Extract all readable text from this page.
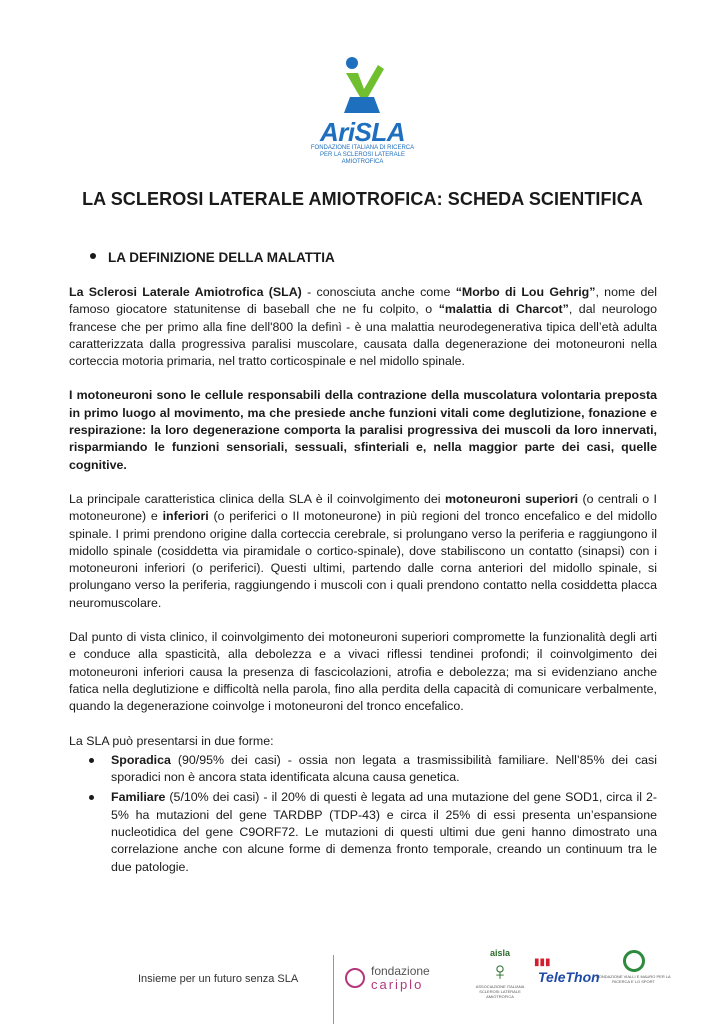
AriSLA
FONDAZIONE ITALIANA DI RICERCA
PER LA SCLEROSI LATERALE AMIOTROFICA
LA SCLEROSI LATERALE AMIOTROFICA: SCHEDA SCIENTIFICA
LA DEFINIZIONE DELLA MALATTIA

La Sclerosi Laterale Amiotrofica (SLA) - conosciuta anche come “Morbo di Lou Gehrig”, nome del famoso giocatore statunitense di baseball che ne fu colpito, o “malattia di Charcot”, dal neurologo francese che per primo alla fine dell'800 la definì - è una malattia neurodegenerativa tipica dell’età adulta caratterizzata dalla progressiva paralisi muscolare, causata dalla degenerazione dei motoneuroni nella corteccia motoria primaria, nel tratto corticospinale e nel midollo spinale.

I motoneuroni sono le cellule responsabili della contrazione della muscolatura volontaria preposta in primo luogo al movimento, ma che presiede anche funzioni vitali come deglutizione, fonazione e respirazione: la loro degenerazione comporta la paralisi progressiva dei muscoli da loro innervati, risparmiando le funzioni sensoriali, sessuali, sfinteriali e, nella maggior parte dei casi, quelle cognitive.

La principale caratteristica clinica della SLA è il coinvolgimento dei motoneuroni superiori (o centrali o I motoneurone) e inferiori (o periferici o II motoneurone) in più regioni del tronco encefalico e del midollo spinale. I primi prendono origine dalla corteccia cerebrale, si prolungano verso la periferia e raggiungono il midollo spinale (cosiddetta via piramidale o cortico-spinale), dove stabiliscono un contatto (sinapsi) con i motoneuroni inferiori (o periferici). Questi ultimi, partendo dalle corna anteriori del midollo spinale, si prolungano verso la periferia, raggiungendo i muscoli con i quali prendono contatto nella cosiddetta placca neuromuscolare.

Dal punto di vista clinico, il coinvolgimento dei motoneuroni superiori compromette la funzionalità degli arti e conduce alla spasticità, alla debolezza e a vivaci riflessi tendinei profondi; il coinvolgimento dei motoneuroni inferiori causa la presenza di fascicolazioni, atrofia e debolezza; ma si evidenziano anche fatica nella deglutizione e difficoltà nella parola, fino alla perdita della capacità di comunicare verbalmente, quando la degenerazione coinvolge i motoneuroni del tronco encefalico.

La SLA può presentarsi in due forme:

Sporadica (90/95% dei casi) - ossia non legata a trasmissibilità familiare. Nell’85% dei casi sporadici non è ancora stata identificata alcuna causa genetica.
Familiare (5/10% dei casi) - il 20% di questi è legata ad una mutazione del gene SOD1, circa il 2-5% ha mutazioni del gene TARDBP (TDP-43) e circa il 25% di essi presenta un’espansione nucleotidica del gene C9ORF72. Le mutazioni di questi ultimi due geni hanno dimostrato una correlazione anche con alcune forme di demenza fronto temporale, creando un continuum tra le due patologie.
Insieme per un futuro senza SLA
fondazione
cariplo
aisla
♀
ASSOCIAZIONE ITALIANA SCLEROSI LATERALE AMIOTROFICA
▮▮▮
TeleThon
FONDAZIONE VIALLI E MAURO PER LA RICERCA E LO SPORT
